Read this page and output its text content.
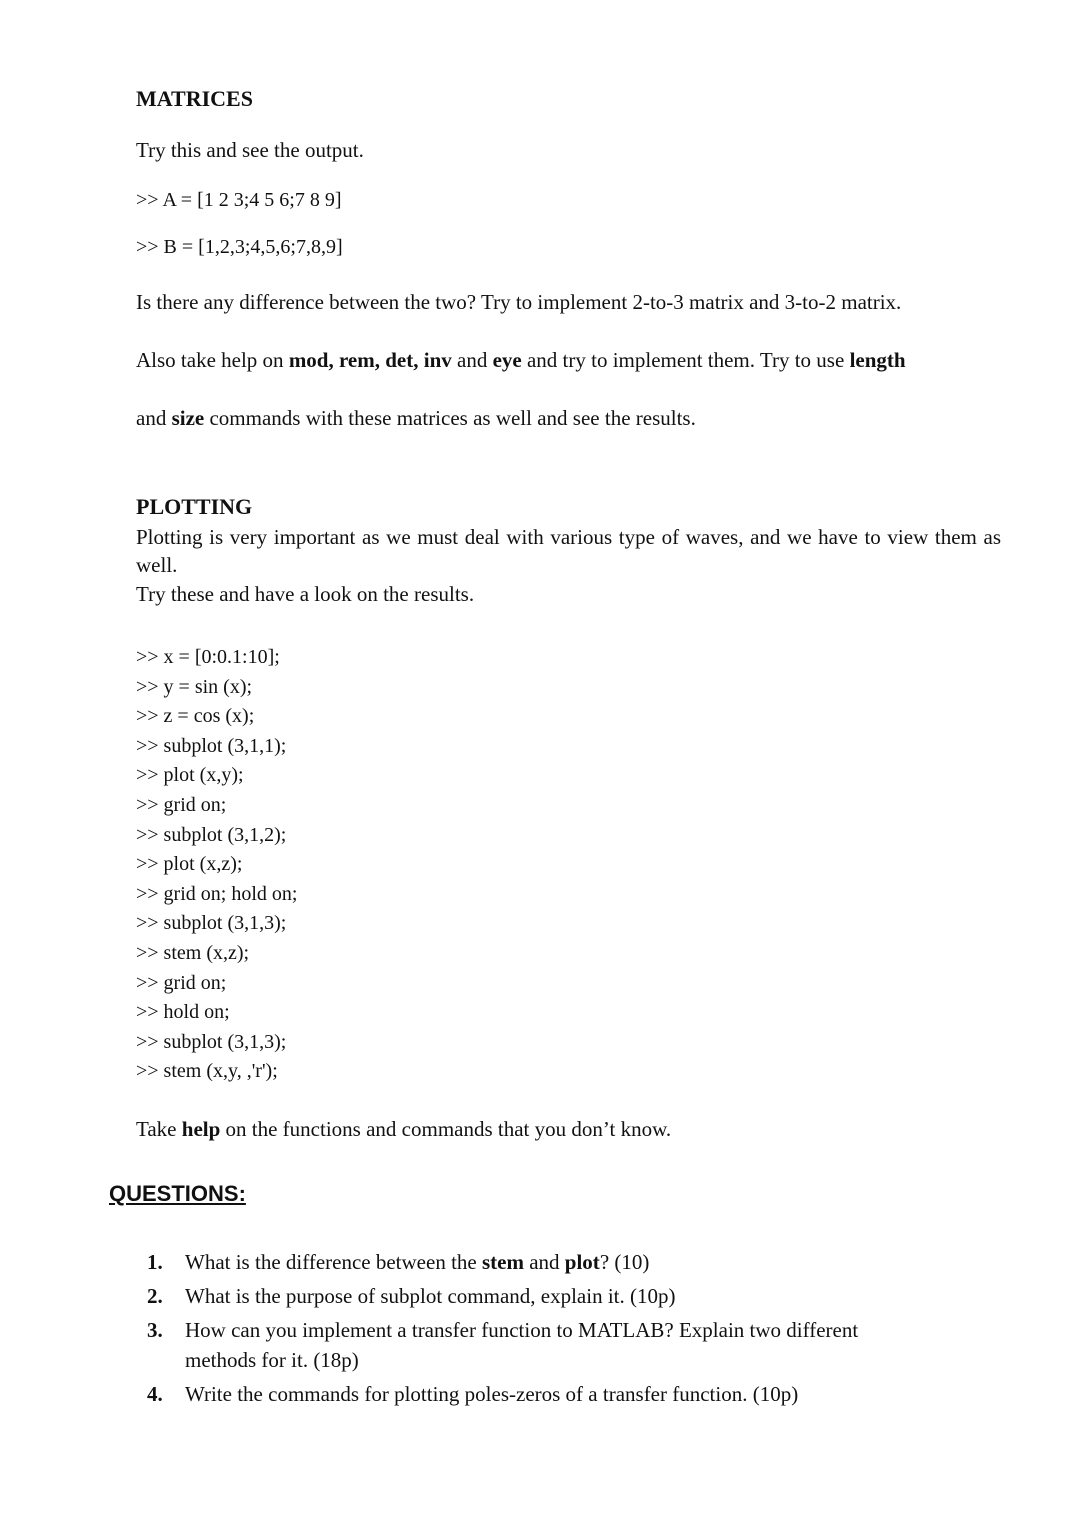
MATRICES

Try this and see the output.

>> A = [1 2 3;4 5 6;7 8 9]

>> B = [1,2,3;4,5,6;7,8,9]

Is there any difference between the two? Try to implement 2-to-3 matrix and 3-to-2 matrix.

Also take help on mod, rem, det, inv and eye and try to implement them. Try to use length

and size commands with these matrices as well and see the results.

PLOTTING

Plotting is very important as we must deal with various type of waves, and we have to view them as well.

Try these and have a look on the results.

>> x = [0:0.1:10];
>> y = sin (x);
>> z = cos (x);
>> subplot (3,1,1);
>> plot (x,y);
>> grid on;
>> subplot (3,1,2);
>> plot (x,z);
>> grid on; hold on;
>> subplot (3,1,3);
>> stem (x,z);
>> grid on;
>> hold on;
>> subplot (3,1,3);
>> stem (x,y, ,'r');

Take help on the functions and commands that you don’t know.

QUESTIONS:
1. What is the difference between the stem and plot? (10)
2. What is the purpose of subplot command, explain it. (10p)
3. How can you implement a transfer function to MATLAB? Explain two different methods for it. (18p)
4. Write the commands for plotting poles-zeros of a transfer function. (10p)
